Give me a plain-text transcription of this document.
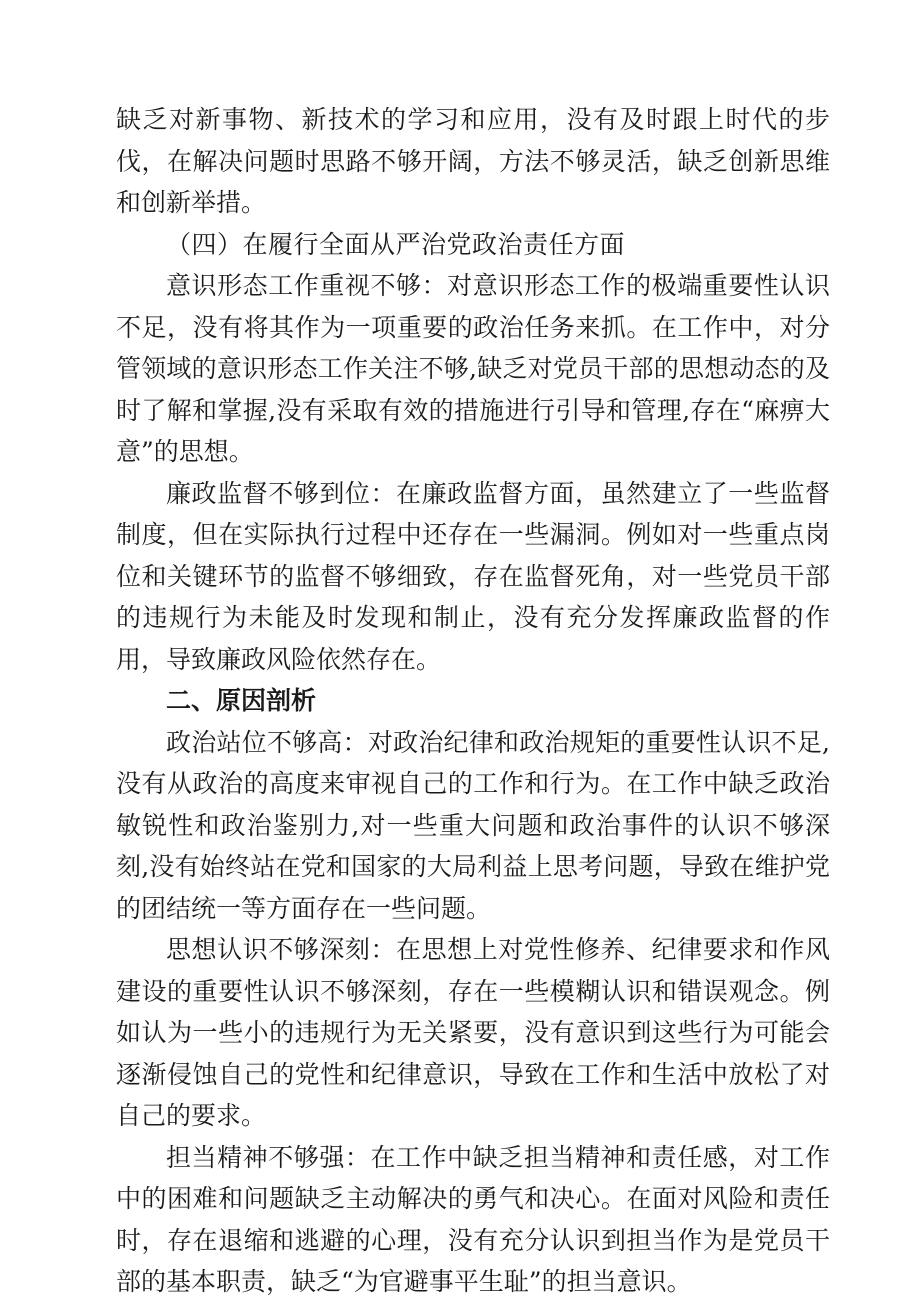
缺乏对新事物、新技术的学习和应用，没有及时跟上时代的步伐，在解决问题时思路不够开阔，方法不够灵活，缺乏创新思维和创新举措。

（四）在履行全面从严治党政治责任方面

意识形态工作重视不够：对意识形态工作的极端重要性认识不足，没有将其作为一项重要的政治任务来抓。在工作中，对分管领域的意识形态工作关注不够,缺乏对党员干部的思想动态的及时了解和掌握,没有采取有效的措施进行引导和管理,存在“麻痹大意”的思想。

廉政监督不够到位：在廉政监督方面，虽然建立了一些监督制度，但在实际执行过程中还存在一些漏洞。例如对一些重点岗位和关键环节的监督不够细致，存在监督死角，对一些党员干部的违规行为未能及时发现和制止，没有充分发挥廉政监督的作用，导致廉政风险依然存在。

二、原因剖析

政治站位不够高：对政治纪律和政治规矩的重要性认识不足,没有从政治的高度来审视自己的工作和行为。在工作中缺乏政治敏锐性和政治鉴别力,对一些重大问题和政治事件的认识不够深刻,没有始终站在党和国家的大局利益上思考问题，导致在维护党的团结统一等方面存在一些问题。

思想认识不够深刻：在思想上对党性修养、纪律要求和作风建设的重要性认识不够深刻，存在一些模糊认识和错误观念。例如认为一些小的违规行为无关紧要，没有意识到这些行为可能会逐渐侵蚀自己的党性和纪律意识，导致在工作和生活中放松了对自己的要求。

担当精神不够强：在工作中缺乏担当精神和责任感，对工作中的困难和问题缺乏主动解决的勇气和决心。在面对风险和责任时，存在退缩和逃避的心理，没有充分认识到担当作为是党员干部的基本职责，缺乏“为官避事平生耻”的担当意识。
